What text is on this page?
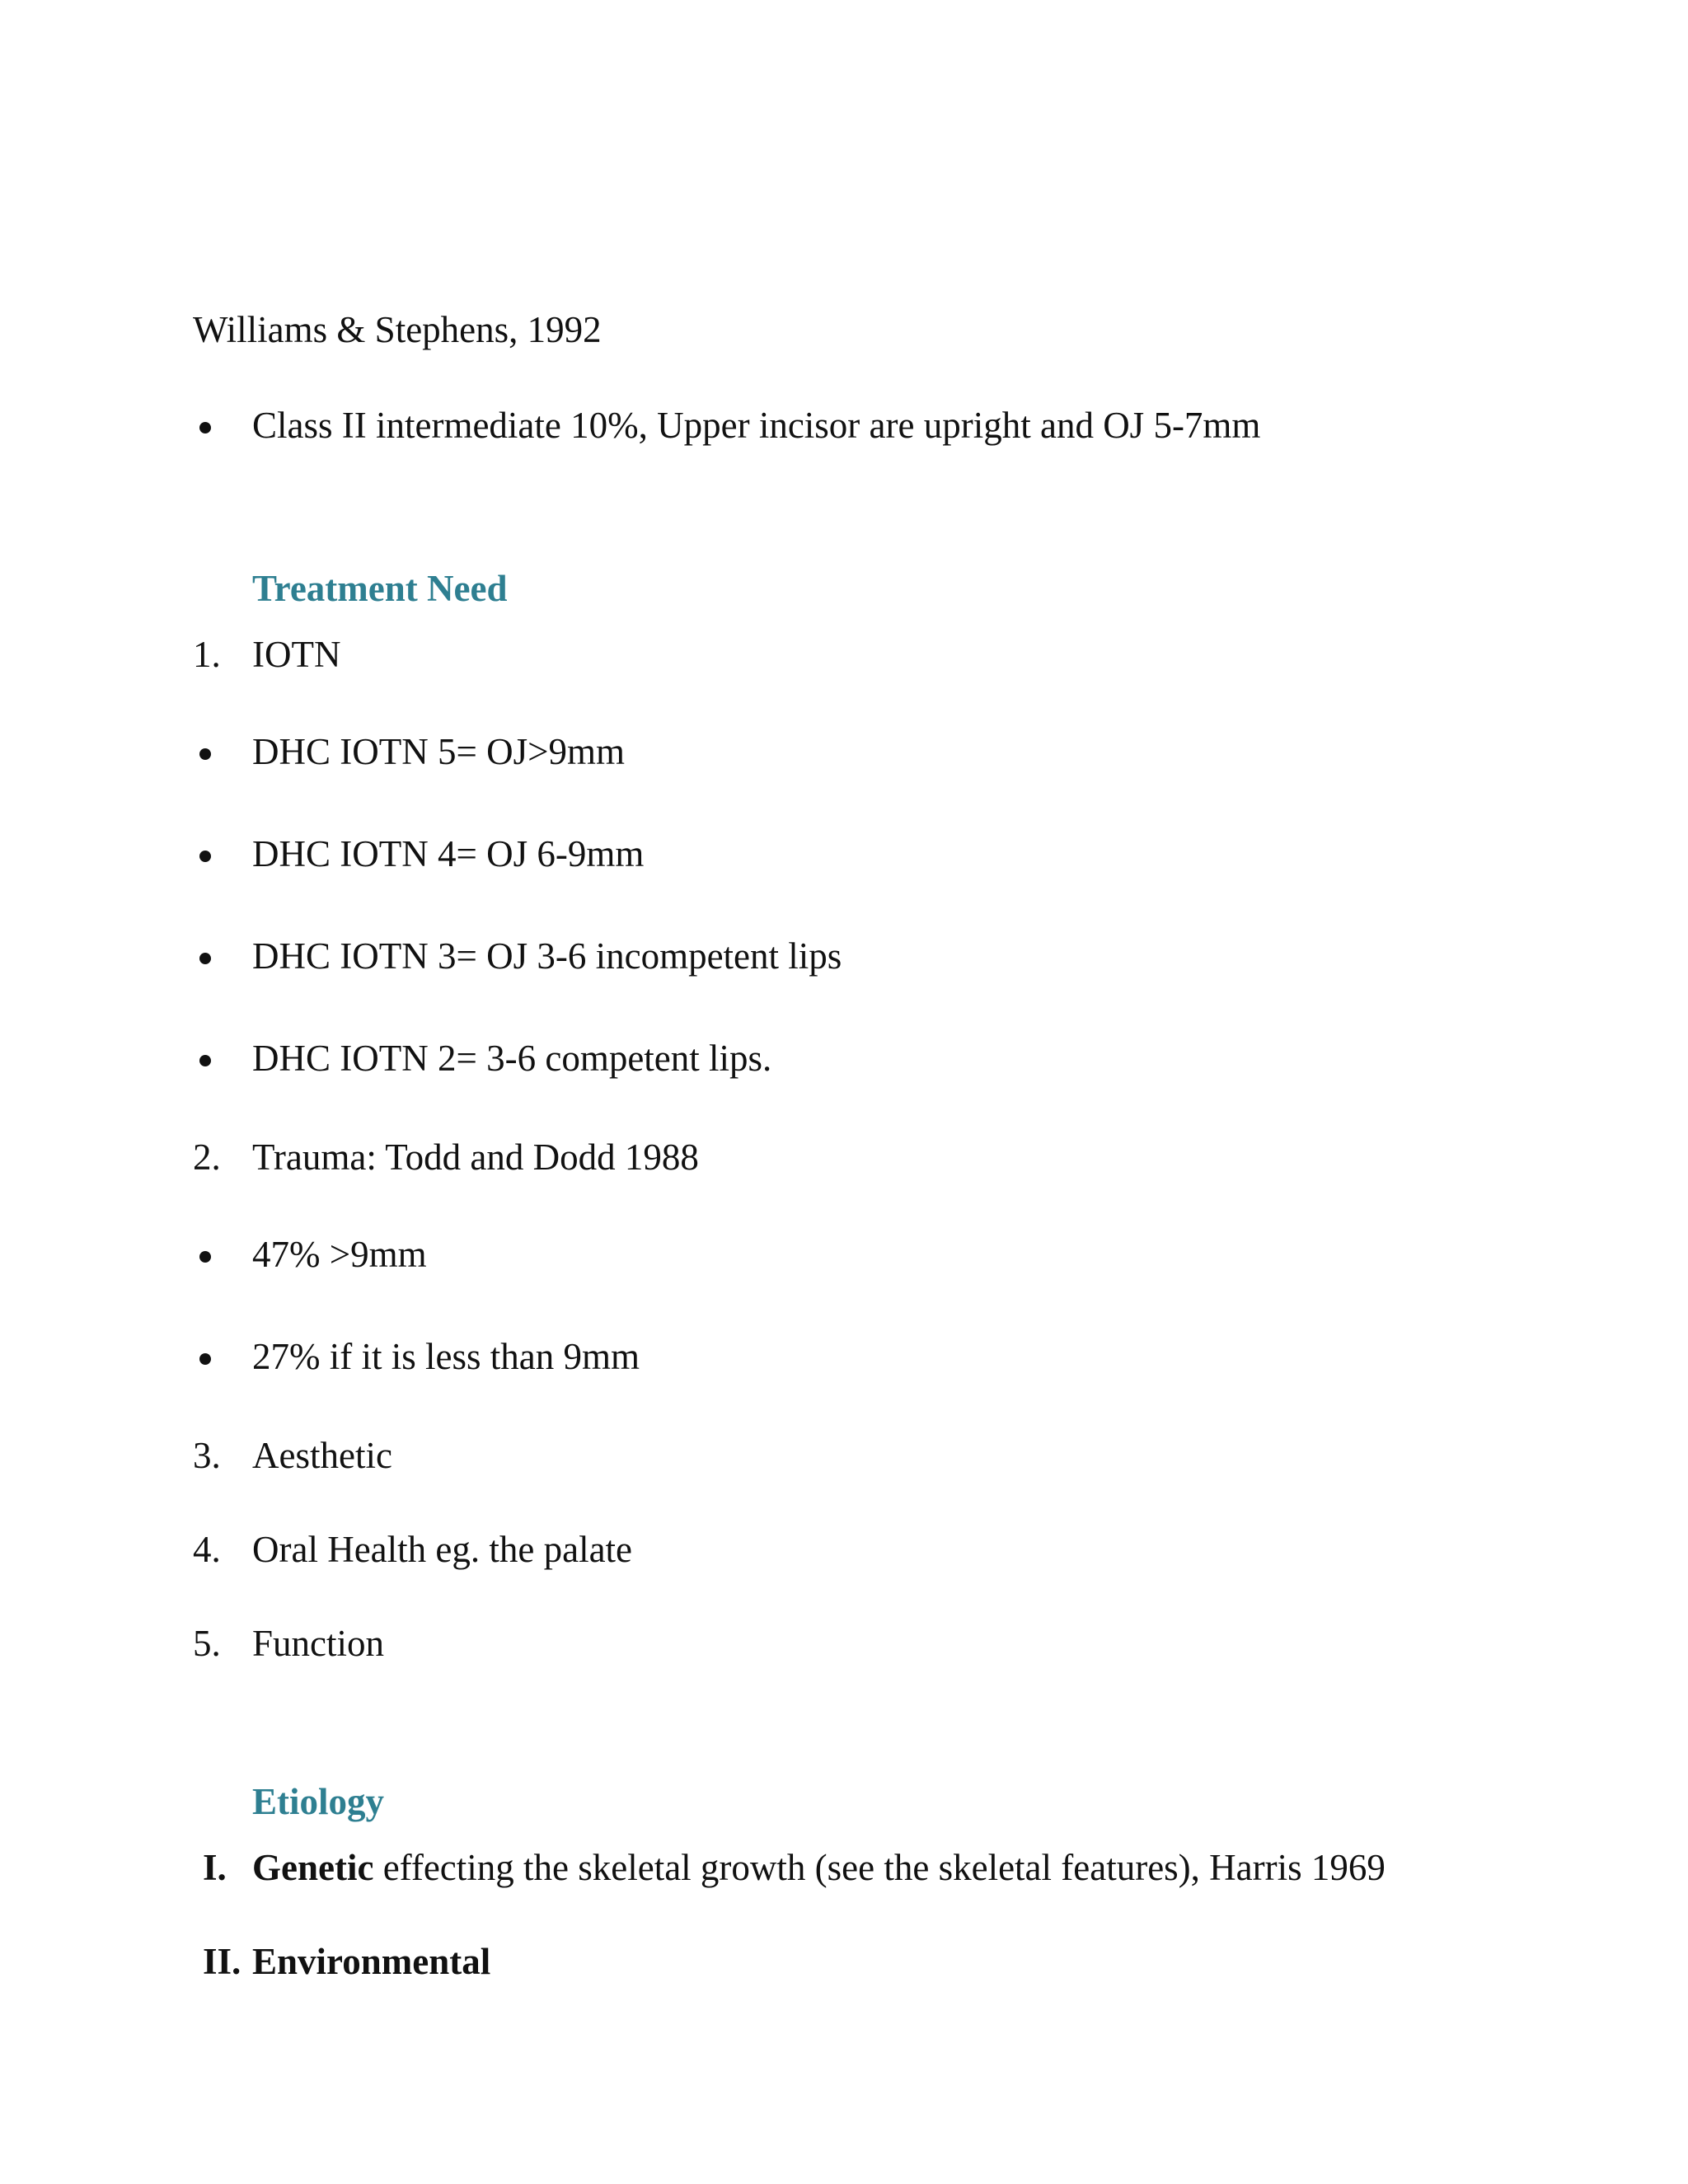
Williams & Stephens, 1992
Class II intermediate 10%, Upper incisor are upright and OJ 5-7mm
Treatment Need
1. IOTN
DHC IOTN 5= OJ>9mm
DHC IOTN 4= OJ 6-9mm
DHC IOTN 3= OJ 3-6 incompetent lips
DHC IOTN 2= 3-6 competent lips.
2. Trauma: Todd and Dodd 1988
47% >9mm
27% if it is less than 9mm
3. Aesthetic
4. Oral Health eg. the palate
5. Function
Etiology
I. Genetic effecting the skeletal growth (see the skeletal features), Harris 1969
II. Environmental
